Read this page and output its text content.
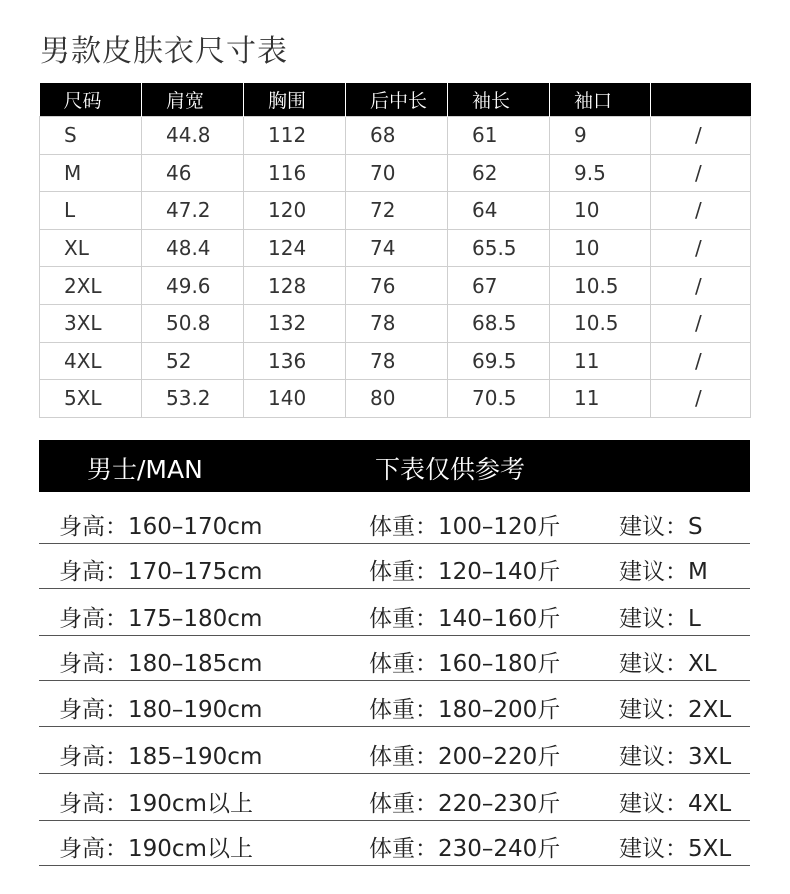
男款皮肤衣尺寸表
尺码	肩宽	胸围	后中长	袖长	袖口	
S	44.8	112	68	61	9	/
M	46	116	70	62	9.5	/
L	47.2	120	72	64	10	/
XL	48.4	124	74	65.5	10	/
2XL	49.6	128	76	67	10.5	/
3XL	50.8	132	78	68.5	10.5	/
4XL	52	136	78	69.5	11	/
5XL	53.2	140	80	70.5	11	/
男士/MAN	下表仅供参考
身高：160–170cm	体重：100–120斤	建议：S
身高：170–175cm	体重：120–140斤	建议：M
身高：175–180cm	体重：140–160斤	建议：L
身高：180–185cm	体重：160–180斤	建议：XL
身高：180–190cm	体重：180–200斤	建议：2XL
身高：185–190cm	体重：200–220斤	建议：3XL
身高：190cm以上	体重：220–230斤	建议：4XL
身高：190cm以上	体重：230–240斤	建议：5XL
